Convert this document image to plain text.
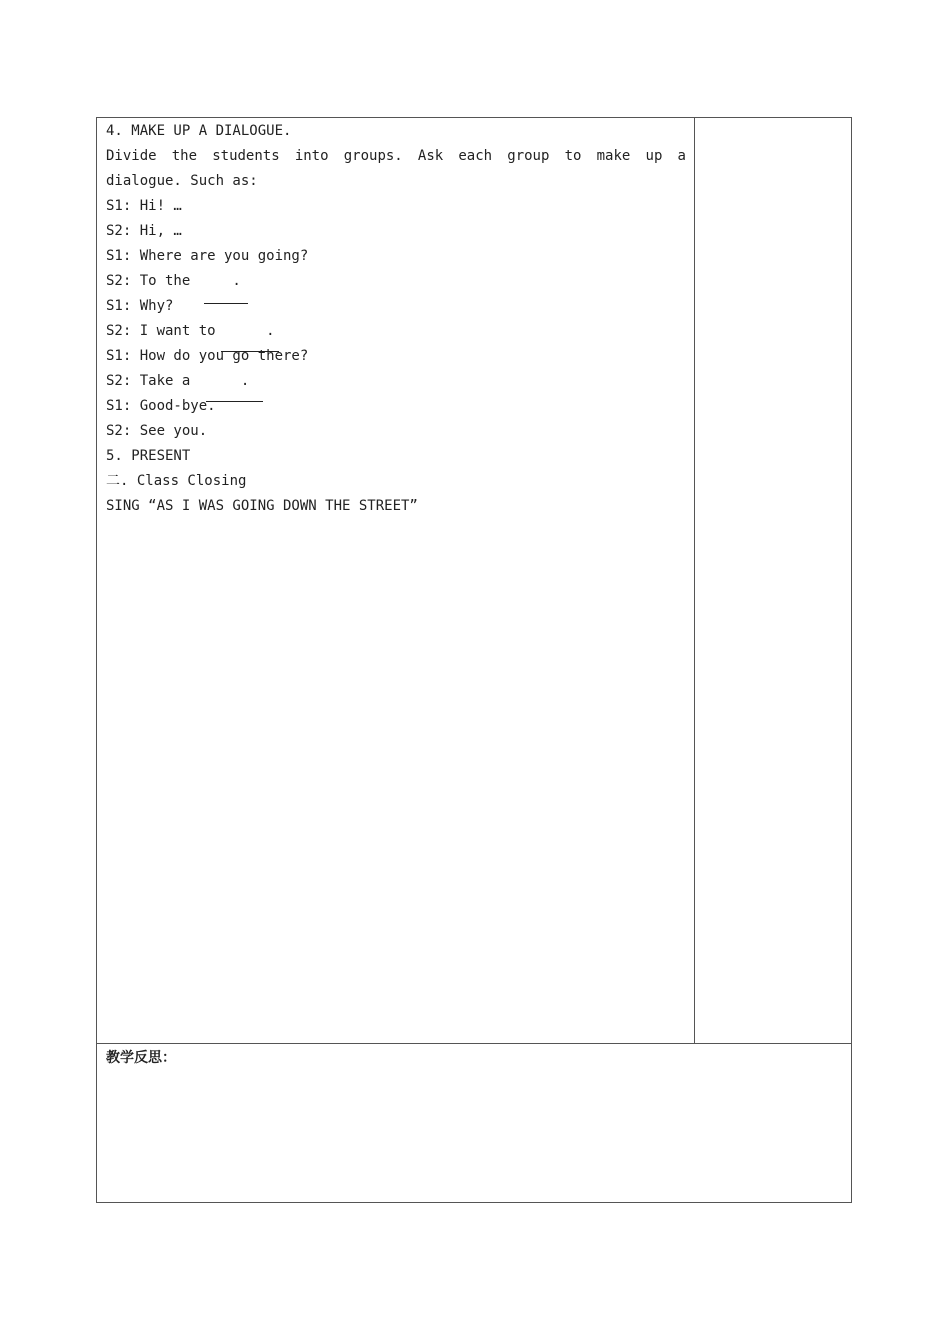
4. MAKE UP A DIALOGUE.
Divide the students into groups. Ask each group to make up a
dialogue. Such as:
S1: Hi! …
S2: Hi, …
S1: Where are you going?
S2: To the     .
S1: Why?
S2: I want to      .
S1: How do you go there?
S2: Take a      .
S1: Good-bye.
S2: See you.
5. PRESENT
二. Class Closing
SING “AS I WAS GOING DOWN THE STREET”
教学反思：
